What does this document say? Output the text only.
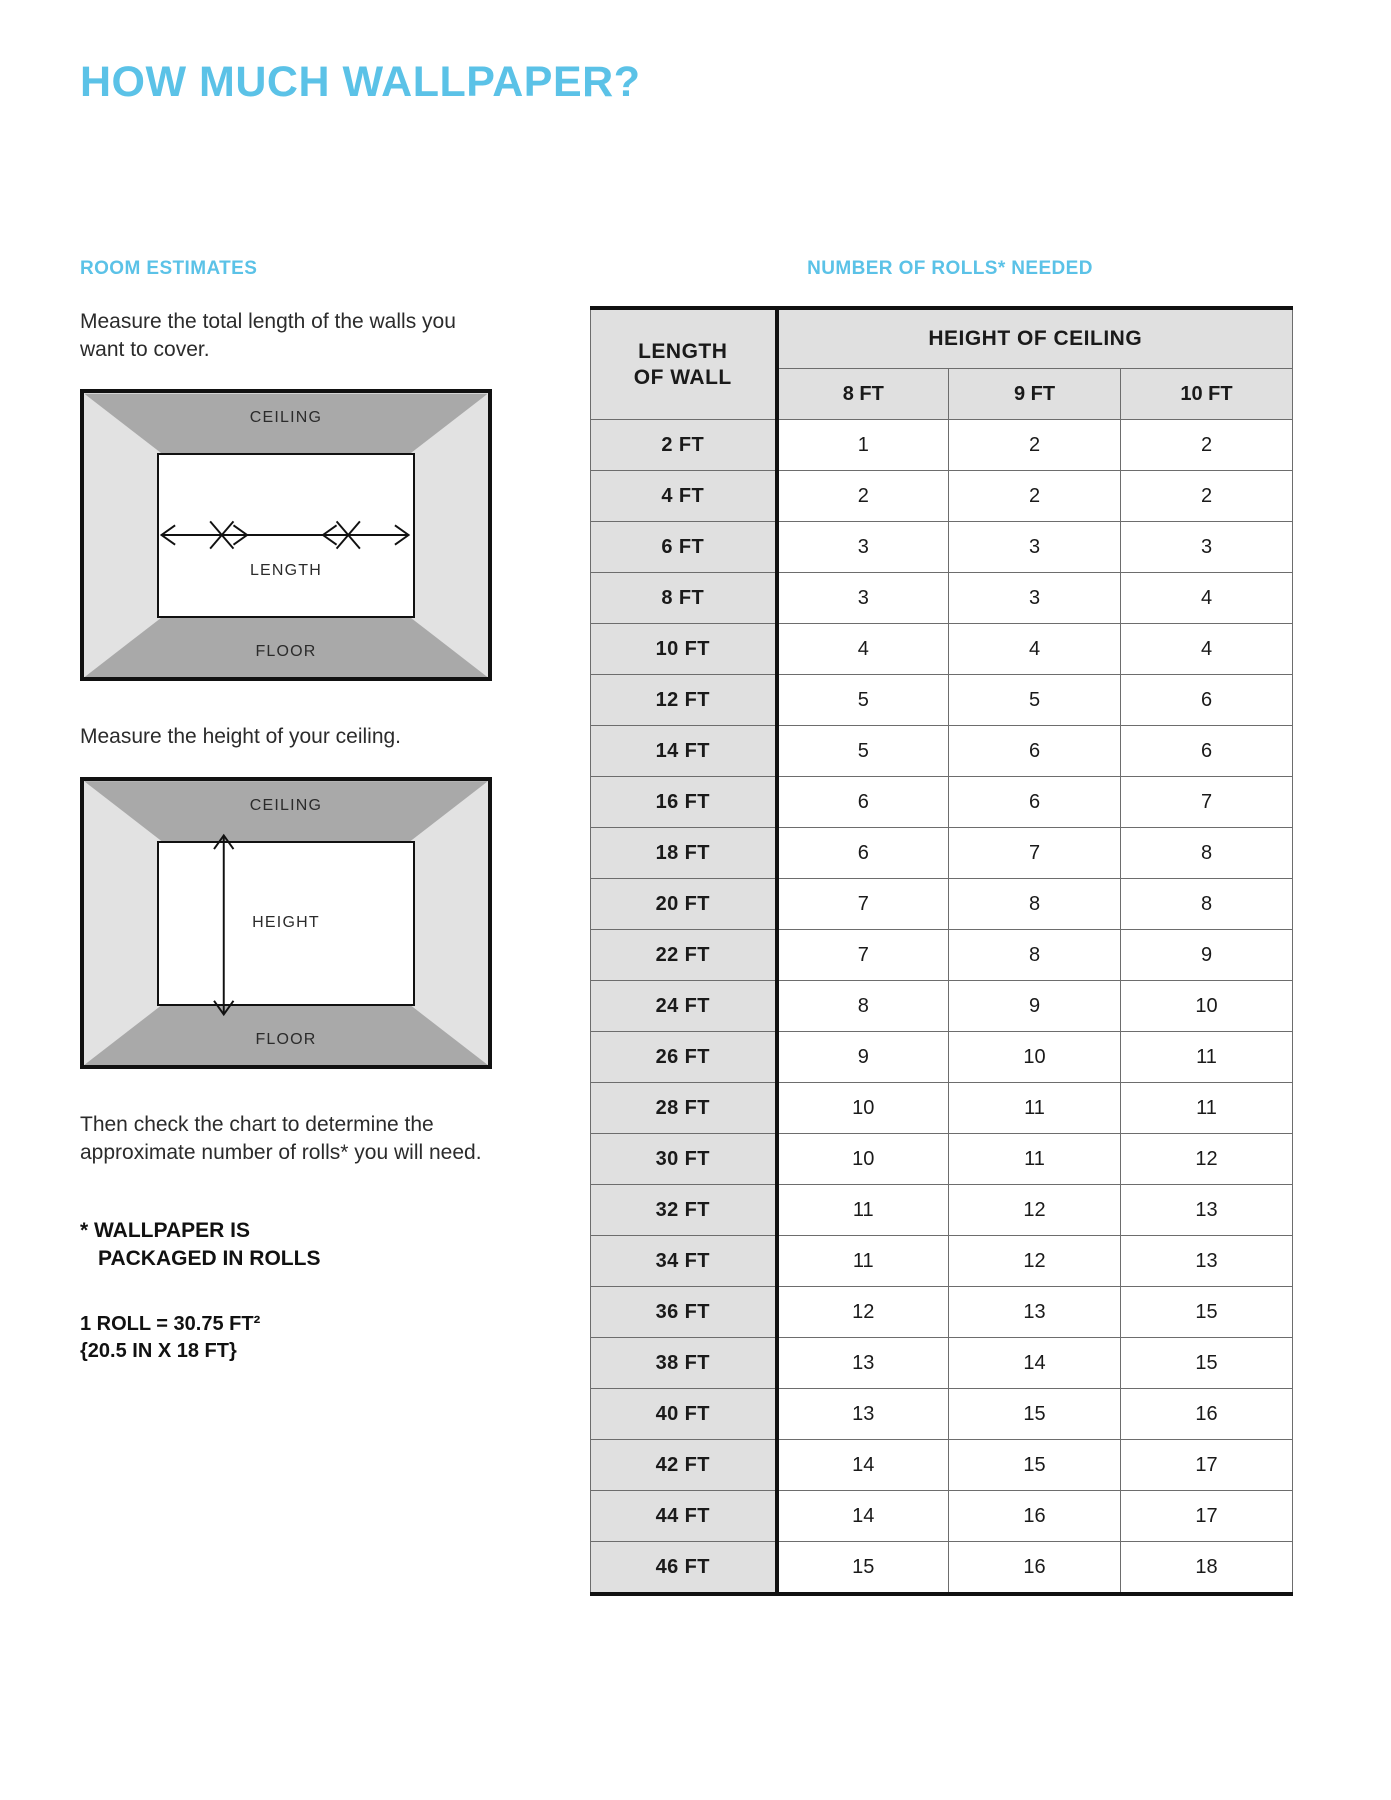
HOW MUCH WALLPAPER?

ROOM ESTIMATES

Measure the total length of the walls you want to cover.

CEILING
FLOOR
LENGTH

Measure the height of your ceiling.

CEILING
FLOOR
HEIGHT

Then check the chart to determine the approximate number of rolls* you will need.

* WALLPAPER IS

PACKAGED IN ROLLS

1 ROLL = 30.75 FT²
{20.5 IN X 18 FT}

NUMBER OF ROLLS* NEEDED

LENGTH
OF WALL	HEIGHT OF CEILING		
	8 FT	9 FT	10 FT
2 FT	1	2	2
4 FT	2	2	2
6 FT	3	3	3
8 FT	3	3	4
10 FT	4	4	4
12 FT	5	5	6
14 FT	5	6	6
16 FT	6	6	7
18 FT	6	7	8
20 FT	7	8	8
22 FT	7	8	9
24 FT	8	9	10
26 FT	9	10	11
28 FT	10	11	11
30 FT	10	11	12
32 FT	11	12	13
34 FT	11	12	13
36 FT	12	13	15
38 FT	13	14	15
40 FT	13	15	16
42 FT	14	15	17
44 FT	14	16	17
46 FT	15	16	18
